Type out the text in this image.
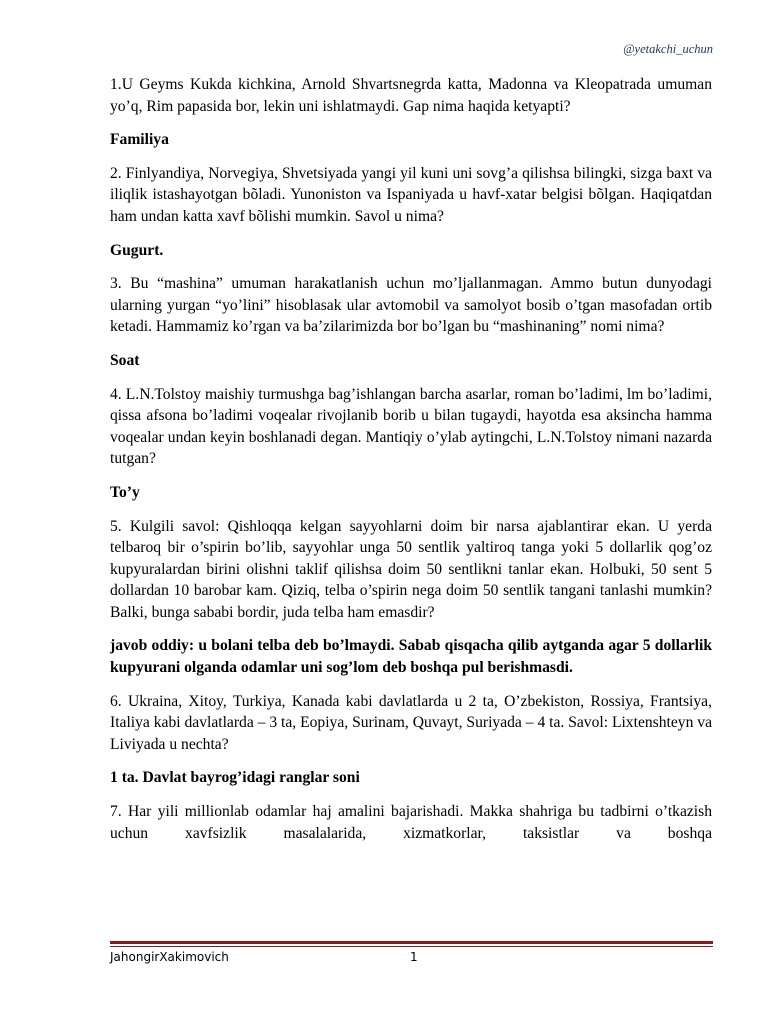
@yetakchi_uchun

1.U Geyms Kukda kichkina, Arnold Shvartsnegrda katta, Madonna va Kleopatrada umuman yo’q, Rim papasida bor, lekin uni ishlatmaydi. Gap nima haqida ketyapti?

Familiya

2. Finlyandiya, Norvegiya, Shvetsiyada yangi yil kuni uni sovg’a qilishsa bilingki, sizga baxt va iliqlik istashayotgan bõladi. Yunoniston va Ispaniyada u havf-xatar belgisi bõlgan. Haqiqatdan ham undan katta xavf bõlishi mumkin. Savol u nima?

Gugurt.

3. Bu “mashina” umuman harakatlanish uchun mo’ljallanmagan. Ammo butun dunyodagi ularning yurgan “yo’lini” hisoblasak ular avtomobil va samolyot bosib o’tgan masofadan ortib ketadi. Hammamiz ko’rgan va ba’zilarimizda bor bo’lgan bu “mashinaning” nomi nima?

Soat

4. L.N.Tolstoy maishiy turmushga bag’ishlangan barcha asarlar, roman bo’ladimi, lm bo’ladimi, qissa afsona bo’ladimi voqealar rivojlanib borib u bilan tugaydi, hayotda esa aksincha hamma voqealar undan keyin boshlanadi degan. Mantiqiy o’ylab aytingchi, L.N.Tolstoy nimani nazarda tutgan?

To’y

5. Kulgili savol: Qishloqqa kelgan sayyohlarni doim bir narsa ajablantirar ekan. U yerda telbaroq bir o’spirin bo’lib, sayyohlar unga 50 sentlik yaltiroq tanga yoki 5 dollarlik qog’oz kupyuralardan birini olishni taklif qilishsa doim 50 sentlikni tanlar ekan. Holbuki, 50 sent 5 dollardan 10 barobar kam. Qiziq, telba o’spirin nega doim 50 sentlik tangani tanlashi mumkin? Balki, bunga sababi bordir, juda telba ham emasdir?

javob oddiy: u bolani telba deb bo’lmaydi. Sabab qisqacha qilib aytganda agar 5 dollarlik kupyurani olganda odamlar uni sog’lom deb boshqa pul berishmasdi.

6. Ukraina, Xitoy, Turkiya, Kanada kabi davlatlarda u 2 ta, O’zbekiston, Rossiya, Frantsiya, Italiya kabi davlatlarda – 3 ta, Eopiya, Surinam, Quvayt, Suriyada – 4 ta. Savol: Lixtenshteyn va Liviyada u nechta?

1 ta. Davlat bayrog’idagi ranglar soni

7. Har yili millionlab odamlar haj amalini bajarishadi. Makka shahriga bu tadbirni o’tkazish uchun xavfsizlik masalalarida, xizmatkorlar, taksistlar va boshqa

JahongirXakimovich	1
